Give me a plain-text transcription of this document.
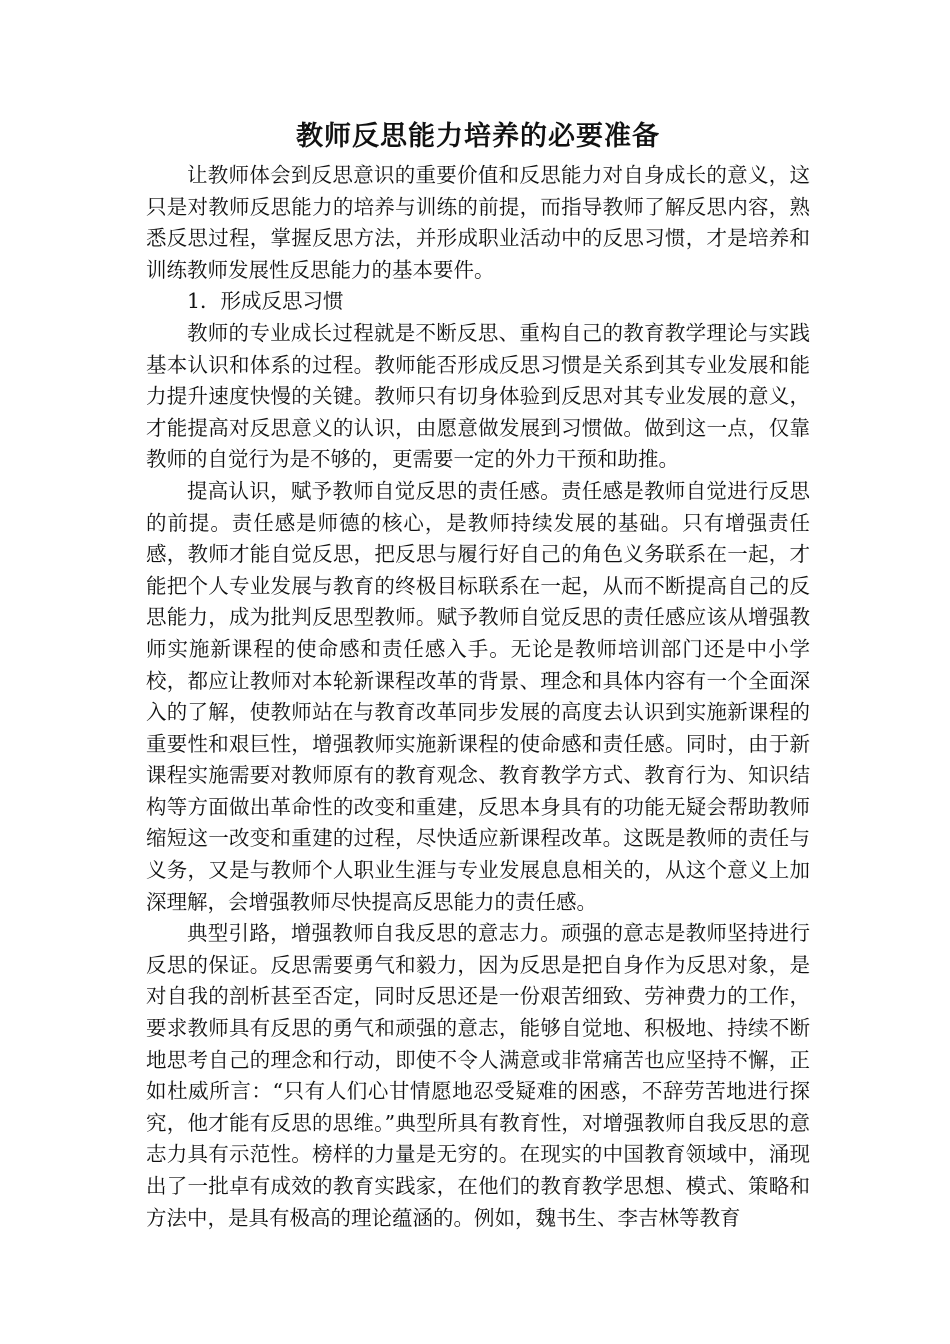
教师反思能力培养的必要准备

让教师体会到反思意识的重要价值和反思能力对自身成长的意义，这只是对教师反思能力的培养与训练的前提，而指导教师了解反思内容，熟悉反思过程，掌握反思方法，并形成职业活动中的反思习惯，才是培养和训练教师发展性反思能力的基本要件。

1．形成反思习惯

教师的专业成长过程就是不断反思、重构自己的教育教学理论与实践基本认识和体系的过程。教师能否形成反思习惯是关系到其专业发展和能力提升速度快慢的关键。教师只有切身体验到反思对其专业发展的意义，才能提高对反思意义的认识，由愿意做发展到习惯做。做到这一点，仅靠教师的自觉行为是不够的，更需要一定的外力干预和助推。

提高认识，赋予教师自觉反思的责任感。责任感是教师自觉进行反思的前提。责任感是师德的核心，是教师持续发展的基础。只有增强责任感，教师才能自觉反思，把反思与履行好自己的角色义务联系在一起，才能把个人专业发展与教育的终极目标联系在一起，从而不断提高自己的反思能力，成为批判反思型教师。赋予教师自觉反思的责任感应该从增强教师实施新课程的使命感和责任感入手。无论是教师培训部门还是中小学校，都应让教师对本轮新课程改革的背景、理念和具体内容有一个全面深入的了解，使教师站在与教育改革同步发展的高度去认识到实施新课程的重要性和艰巨性，增强教师实施新课程的使命感和责任感。同时，由于新课程实施需要对教师原有的教育观念、教育教学方式、教育行为、知识结构等方面做出革命性的改变和重建，反思本身具有的功能无疑会帮助教师缩短这一改变和重建的过程，尽快适应新课程改革。这既是教师的责任与义务，又是与教师个人职业生涯与专业发展息息相关的，从这个意义上加深理解，会增强教师尽快提高反思能力的责任感。

典型引路，增强教师自我反思的意志力。顽强的意志是教师坚持进行反思的保证。反思需要勇气和毅力，因为反思是把自身作为反思对象，是对自我的剖析甚至否定，同时反思还是一份艰苦细致、劳神费力的工作，要求教师具有反思的勇气和顽强的意志，能够自觉地、积极地、持续不断地思考自己的理念和行动，即使不令人满意或非常痛苦也应坚持不懈，正如杜威所言：“只有人们心甘情愿地忍受疑难的困惑，不辞劳苦地进行探究，他才能有反思的思维。”典型所具有教育性，对增强教师自我反思的意志力具有示范性。榜样的力量是无穷的。在现实的中国教育领域中，涌现出了一批卓有成效的教育实践家，在他们的教育教学思想、模式、策略和方法中，是具有极高的理论蕴涵的。例如，魏书生、李吉林等教育
